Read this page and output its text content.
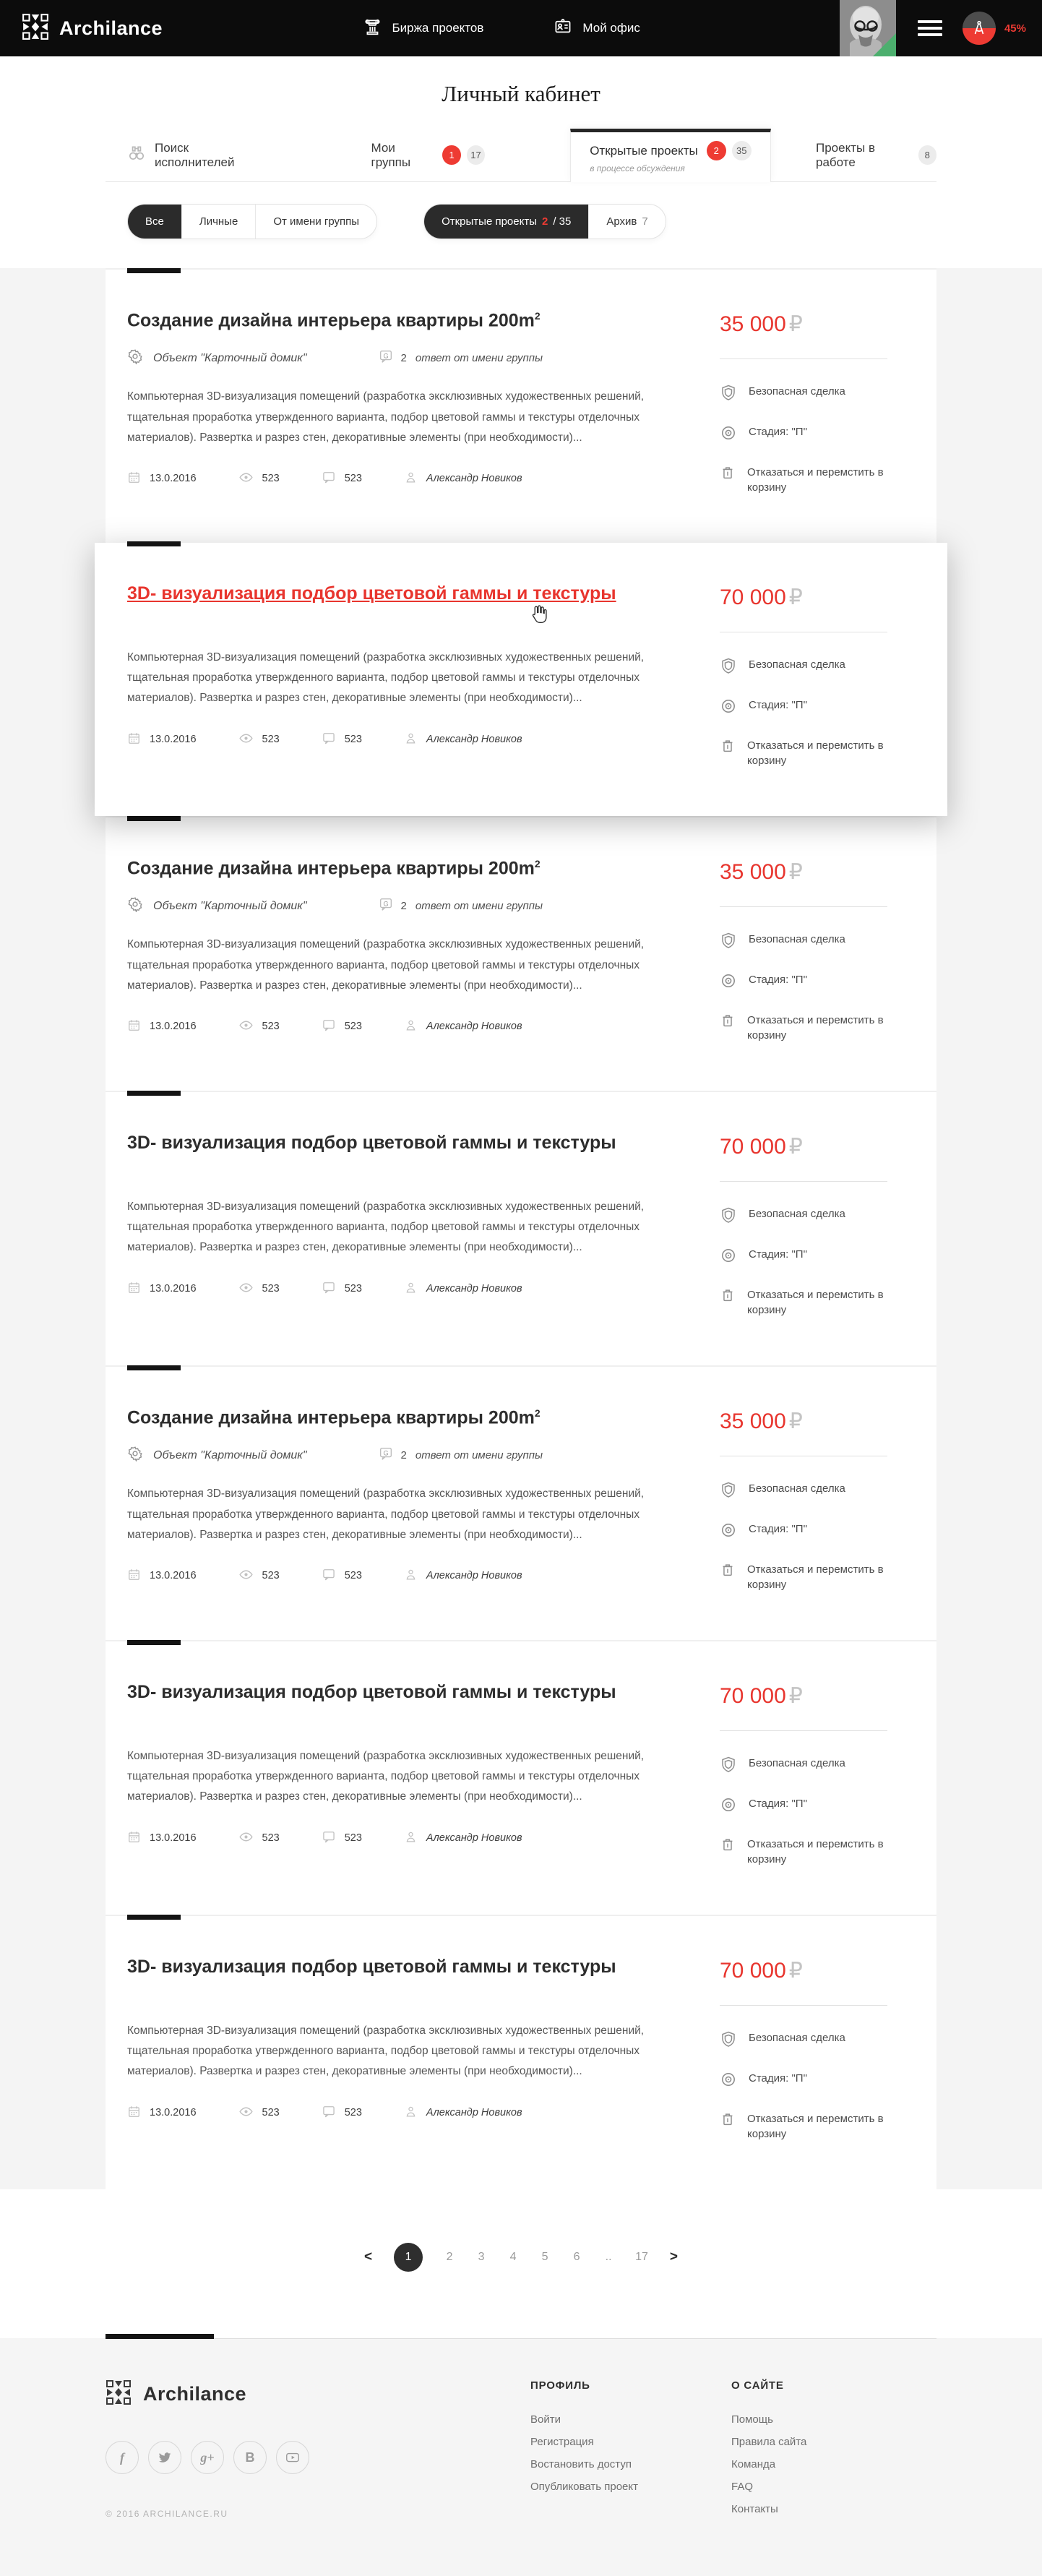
Archilance	Биржа проектов	Мой офис	45%
Личный кабинет
Поиск исполнителей
Мои группы	1	17	Открытые проекты	2	35
в процессе обсуждения
Проекты в работе	8
Все	Личные	От имени группы	Открытые проекты 2 / 35	Архив 7
Создание дизайна интерьера квартиры $200m^2$
Объект "Карточный домик"	G 2 ответ от имени группы

Компьютерная 3D-визуализация помещений (разработка эксклюзивных художественных решений, тщательная проработка утвержденного варианта, подбор цветовой гаммы и текстуры отделочных материалов). Развертка и разрез стен, декоративные элементы (при необходимости)...

13.0.2016	523	523	Александр Новиков
35 000 ₽
Безопасная сделка
Стадия: "П"
Отказаться и перемстить в корзину
3D- визуализация подбор цветовой гаммы и текстуры

Компьютерная 3D-визуализация помещений (разработка эксклюзивных художественных решений, тщательная проработка утвержденного варианта, подбор цветовой гаммы и текстуры отделочных материалов). Развертка и разрез стен, декоративные элементы (при необходимости)...

13.0.2016	523	523	Александр Новиков
70 000 ₽
Безопасная сделка
Стадия: "П"
Отказаться и перемстить в корзину
Создание дизайна интерьера квартиры $200m^2$
Объект "Карточный домик"	G 2 ответ от имени группы

Компьютерная 3D-визуализация помещений (разработка эксклюзивных художественных решений, тщательная проработка утвержденного варианта, подбор цветовой гаммы и текстуры отделочных материалов). Развертка и разрез стен, декоративные элементы (при необходимости)...

13.0.2016	523	523	Александр Новиков
35 000 ₽
Безопасная сделка
Стадия: "П"
Отказаться и перемстить в корзину
3D- визуализация подбор цветовой гаммы и текстуры

Компьютерная 3D-визуализация помещений (разработка эксклюзивных художественных решений, тщательная проработка утвержденного варианта, подбор цветовой гаммы и текстуры отделочных материалов). Развертка и разрез стен, декоративные элементы (при необходимости)...

13.0.2016	523	523	Александр Новиков
70 000 ₽
Безопасная сделка
Стадия: "П"
Отказаться и перемстить в корзину
Создание дизайна интерьера квартиры $200m^2$
Объект "Карточный домик"	G 2 ответ от имени группы

Компьютерная 3D-визуализация помещений (разработка эксклюзивных художественных решений, тщательная проработка утвержденного варианта, подбор цветовой гаммы и текстуры отделочных материалов). Развертка и разрез стен, декоративные элементы (при необходимости)...

13.0.2016	523	523	Александр Новиков
35 000 ₽
Безопасная сделка
Стадия: "П"
Отказаться и перемстить в корзину
3D- визуализация подбор цветовой гаммы и текстуры

Компьютерная 3D-визуализация помещений (разработка эксклюзивных художественных решений, тщательная проработка утвержденного варианта, подбор цветовой гаммы и текстуры отделочных материалов). Развертка и разрез стен, декоративные элементы (при необходимости)...

13.0.2016	523	523	Александр Новиков
70 000 ₽
Безопасная сделка
Стадия: "П"
Отказаться и перемстить в корзину
3D- визуализация подбор цветовой гаммы и текстуры

Компьютерная 3D-визуализация помещений (разработка эксклюзивных художественных решений, тщательная проработка утвержденного варианта, подбор цветовой гаммы и текстуры отделочных материалов). Развертка и разрез стен, декоративные элементы (при необходимости)...

13.0.2016	523	523	Александр Новиков
70 000 ₽
Безопасная сделка
Стадия: "П"
Отказаться и перемстить в корзину
<	1	2 3 4 5 6 .. 17 >
Archilance
f	g+ B
© 2016 ARCHILANCE.RU
ПРОФИЛЬ
Войти
Регистрация
Востановить доступ
Опубликовать проект
О САЙТЕ
Помощь
Правила сайта
Команда
FAQ
Контакты
